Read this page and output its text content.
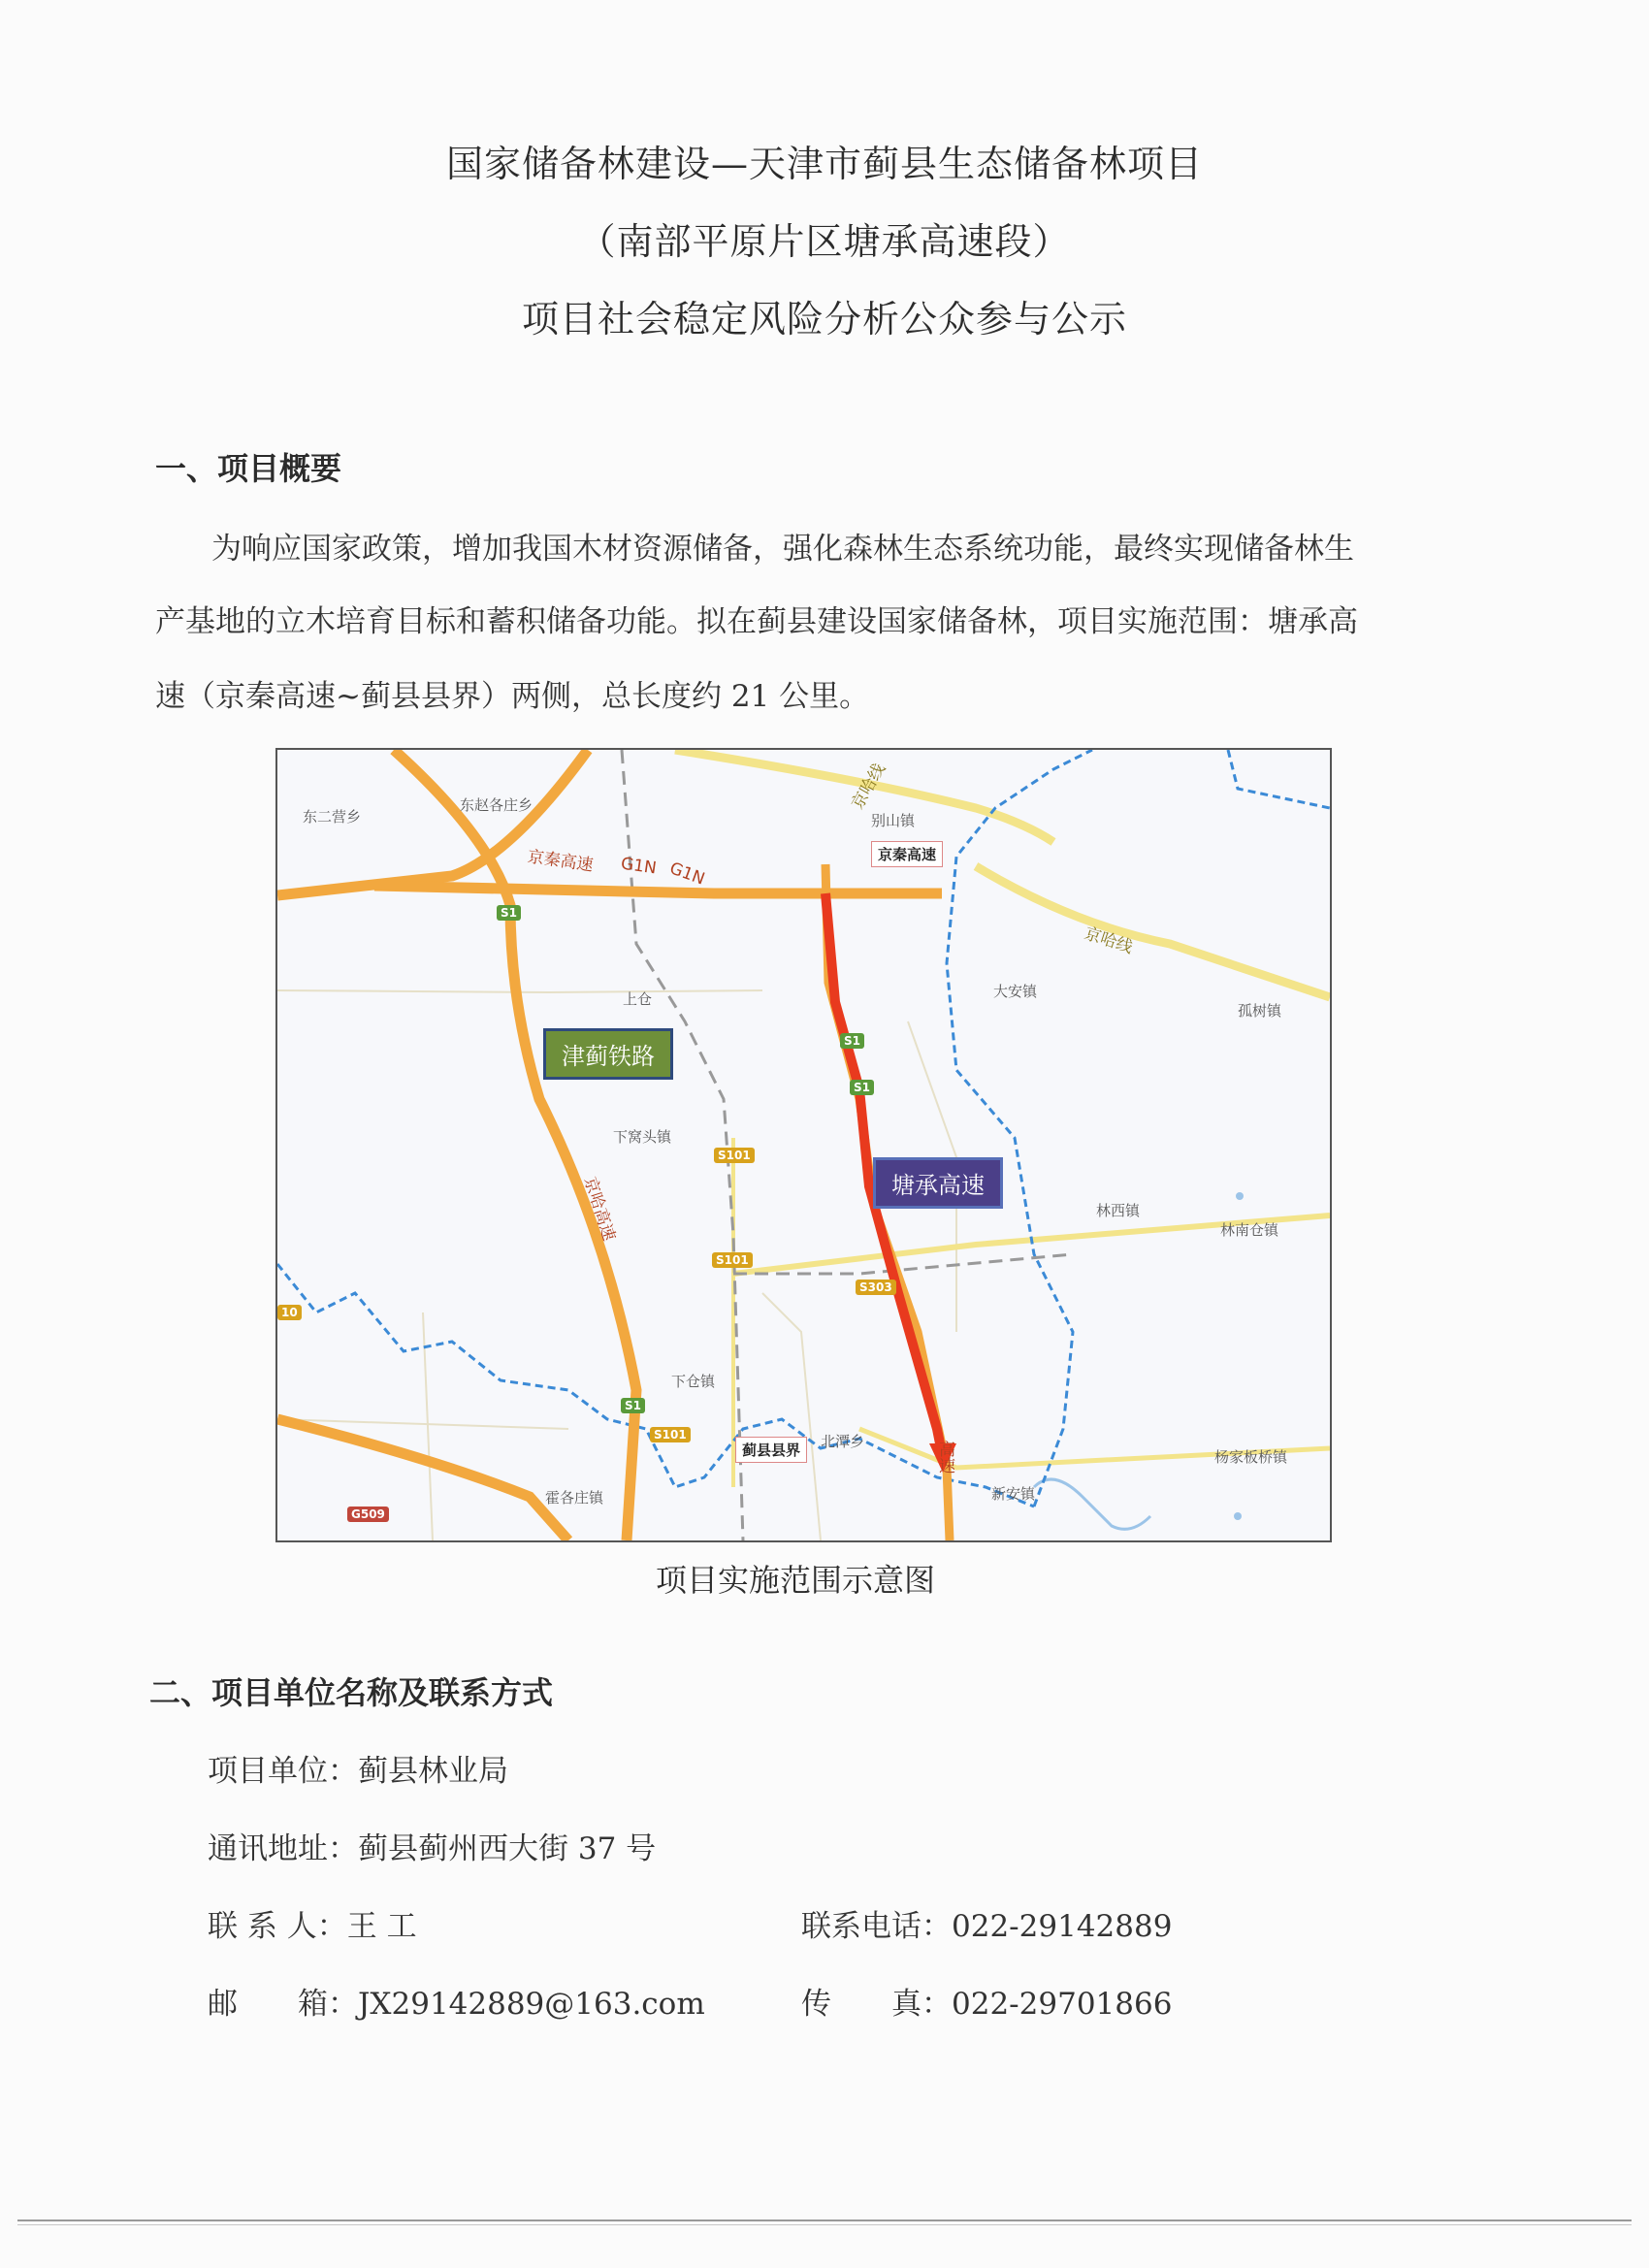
国家储备林建设—天津市蓟县生态储备林项目
（南部平原片区塘承高速段）
项目社会稳定风险分析公众参与公示
一、项目概要
为响应国家政策，增加我国木材资源储备，强化森林生态系统功能，最终实现储备林生
产基地的立木培育目标和蓄积储备功能。拟在蓟县建设国家储备林，项目实施范围：塘承高
速（京秦高速~蓟县县界）两侧，总长度约 21 公里。
东二营乡
东赵各庄乡
别山镇
大安镇
孤树镇
上仓
下窝头镇
林西镇
林南仓镇
下仓镇
北潭乡
霍各庄镇	新安镇
杨家板桥镇
京秦高速 G1N G1N
京哈线
京哈线
高速
京哈高速
京秦高速
蓟县县界
津蓟铁路
塘承高速
S1
S1
S1
S101
S101
S303
S1
S101
G509
10
项目实施范围示意图
二、项目单位名称及联系方式
项目单位：蓟县林业局
通讯地址：蓟县蓟州西大街 37 号
联 系 人：王 工	联系电话：022-29142889
邮　　箱：JX29142889@163.com	传　　真：022-29701866
